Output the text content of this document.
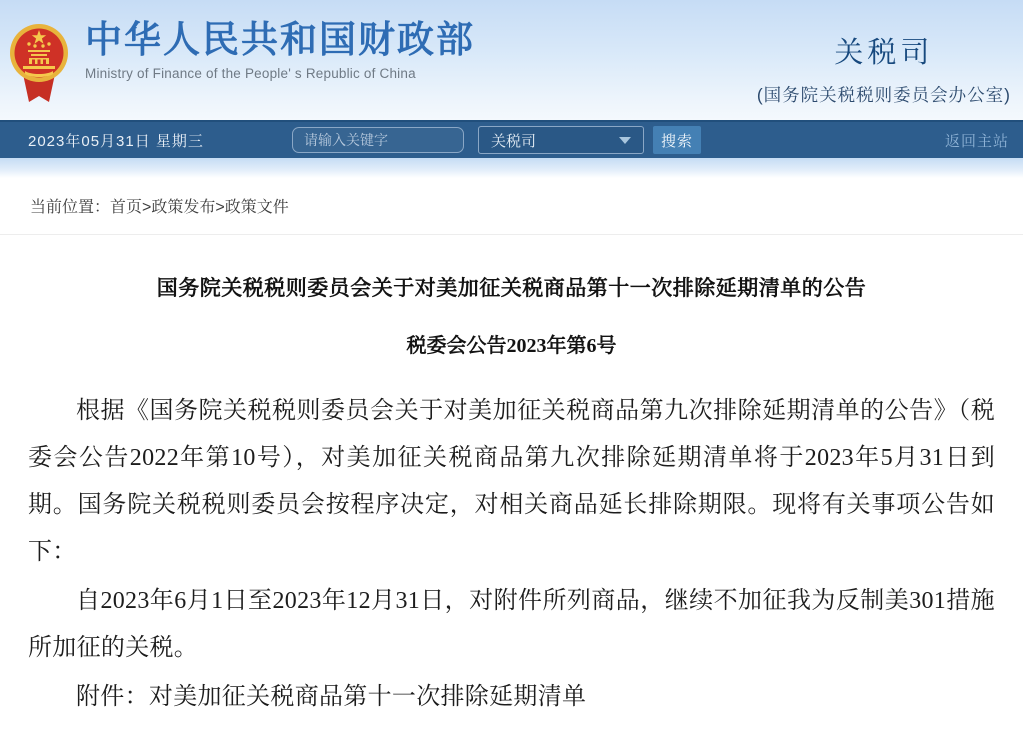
中华人民共和国财政部
Ministry of Finance of the People' s Republic of China
关税司
(国务院关税税则委员会办公室)
2023年05月31日 星期三
请输入关键字	关税司	搜索	返回主站
当前位置：首页>政策发布>政策文件
国务院关税税则委员会关于对美加征关税商品第十一次排除延期清单的公告
税委会公告2023年第6号

根据《国务院关税税则委员会关于对美加征关税商品第九次排除延期清单的公告》（税委会公告2022年第10号），对美加征关税商品第九次排除延期清单将于2023年5月31日到期。国务院关税税则委员会按程序决定，对相关商品延长排除期限。现将有关事项公告如下：

自2023年6月1日至2023年12月31日，对附件所列商品，继续不加征我为反制美301措施所加征的关税。

附件：对美加征关税商品第十一次排除延期清单
